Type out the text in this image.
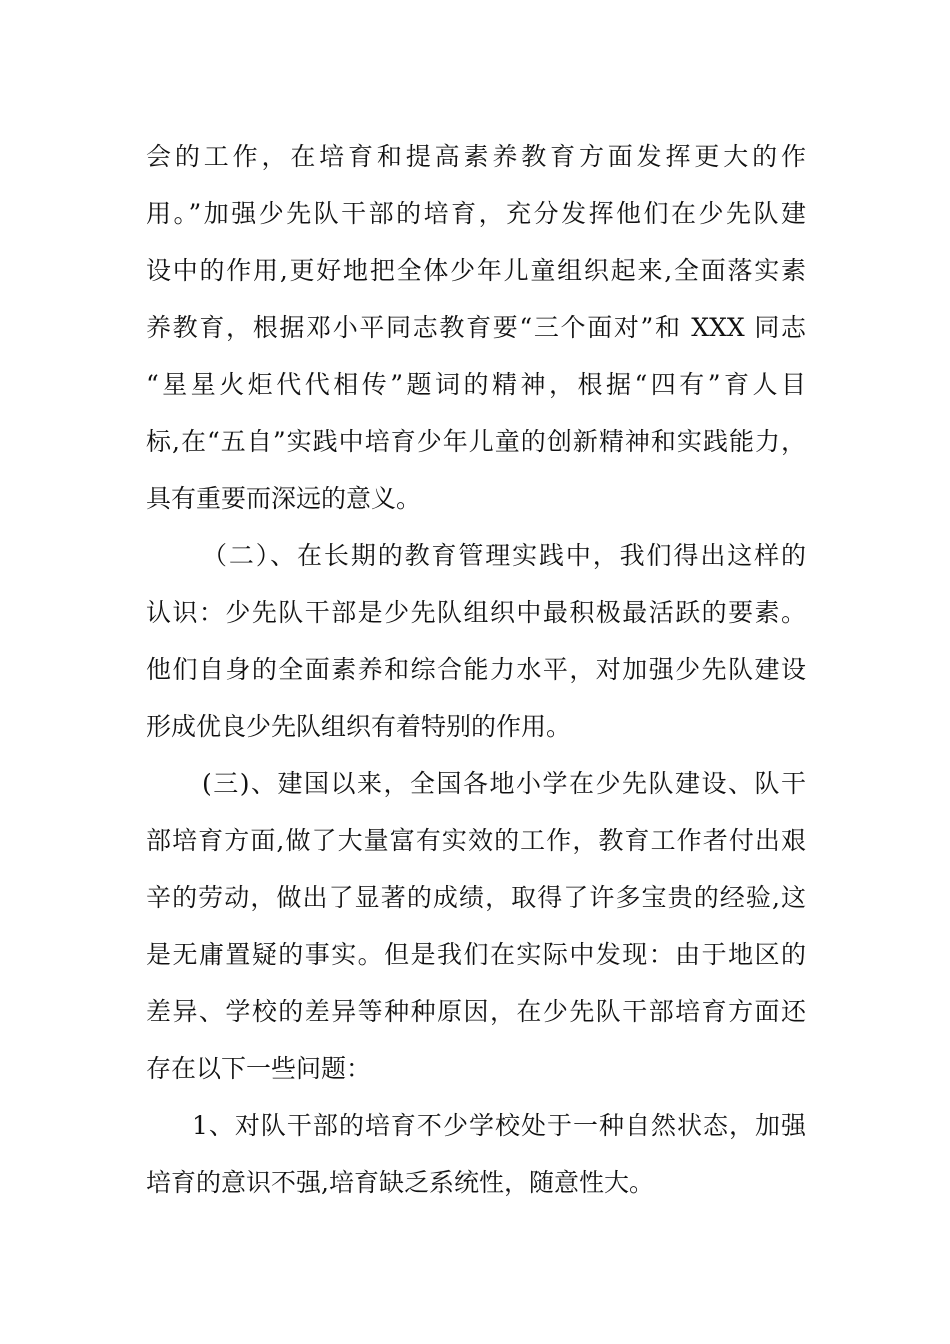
会的工作，在培育和提高素养教育方面发挥更大的作
用。”加强少先队干部的培育，充分发挥他们在少先队建
设中的作用,更好地把全体少年儿童组织起来,全面落实素
养教育，根据邓小平同志教育要“三个面对”和 XXX 同志
“星星火炬代代相传”题词的精神，根据“四有”育人目
标,在“五自”实践中培育少年儿童的创新精神和实践能力，
具有重要而深远的意义。
（二）、在长期的教育管理实践中，我们得出这样的
认识：少先队干部是少先队组织中最积极最活跃的要素。
他们自身的全面素养和综合能力水平，对加强少先队建设
形成优良少先队组织有着特别的作用。
(三)、建国以来，全国各地小学在少先队建设、队干
部培育方面,做了大量富有实效的工作，教育工作者付出艰
辛的劳动，做出了显著的成绩，取得了许多宝贵的经验,这
是无庸置疑的事实。但是我们在实际中发现：由于地区的
差异、学校的差异等种种原因，在少先队干部培育方面还
存在以下一些问题：
1、对队干部的培育不少学校处于一种自然状态，加强
培育的意识不强,培育缺乏系统性，随意性大。
